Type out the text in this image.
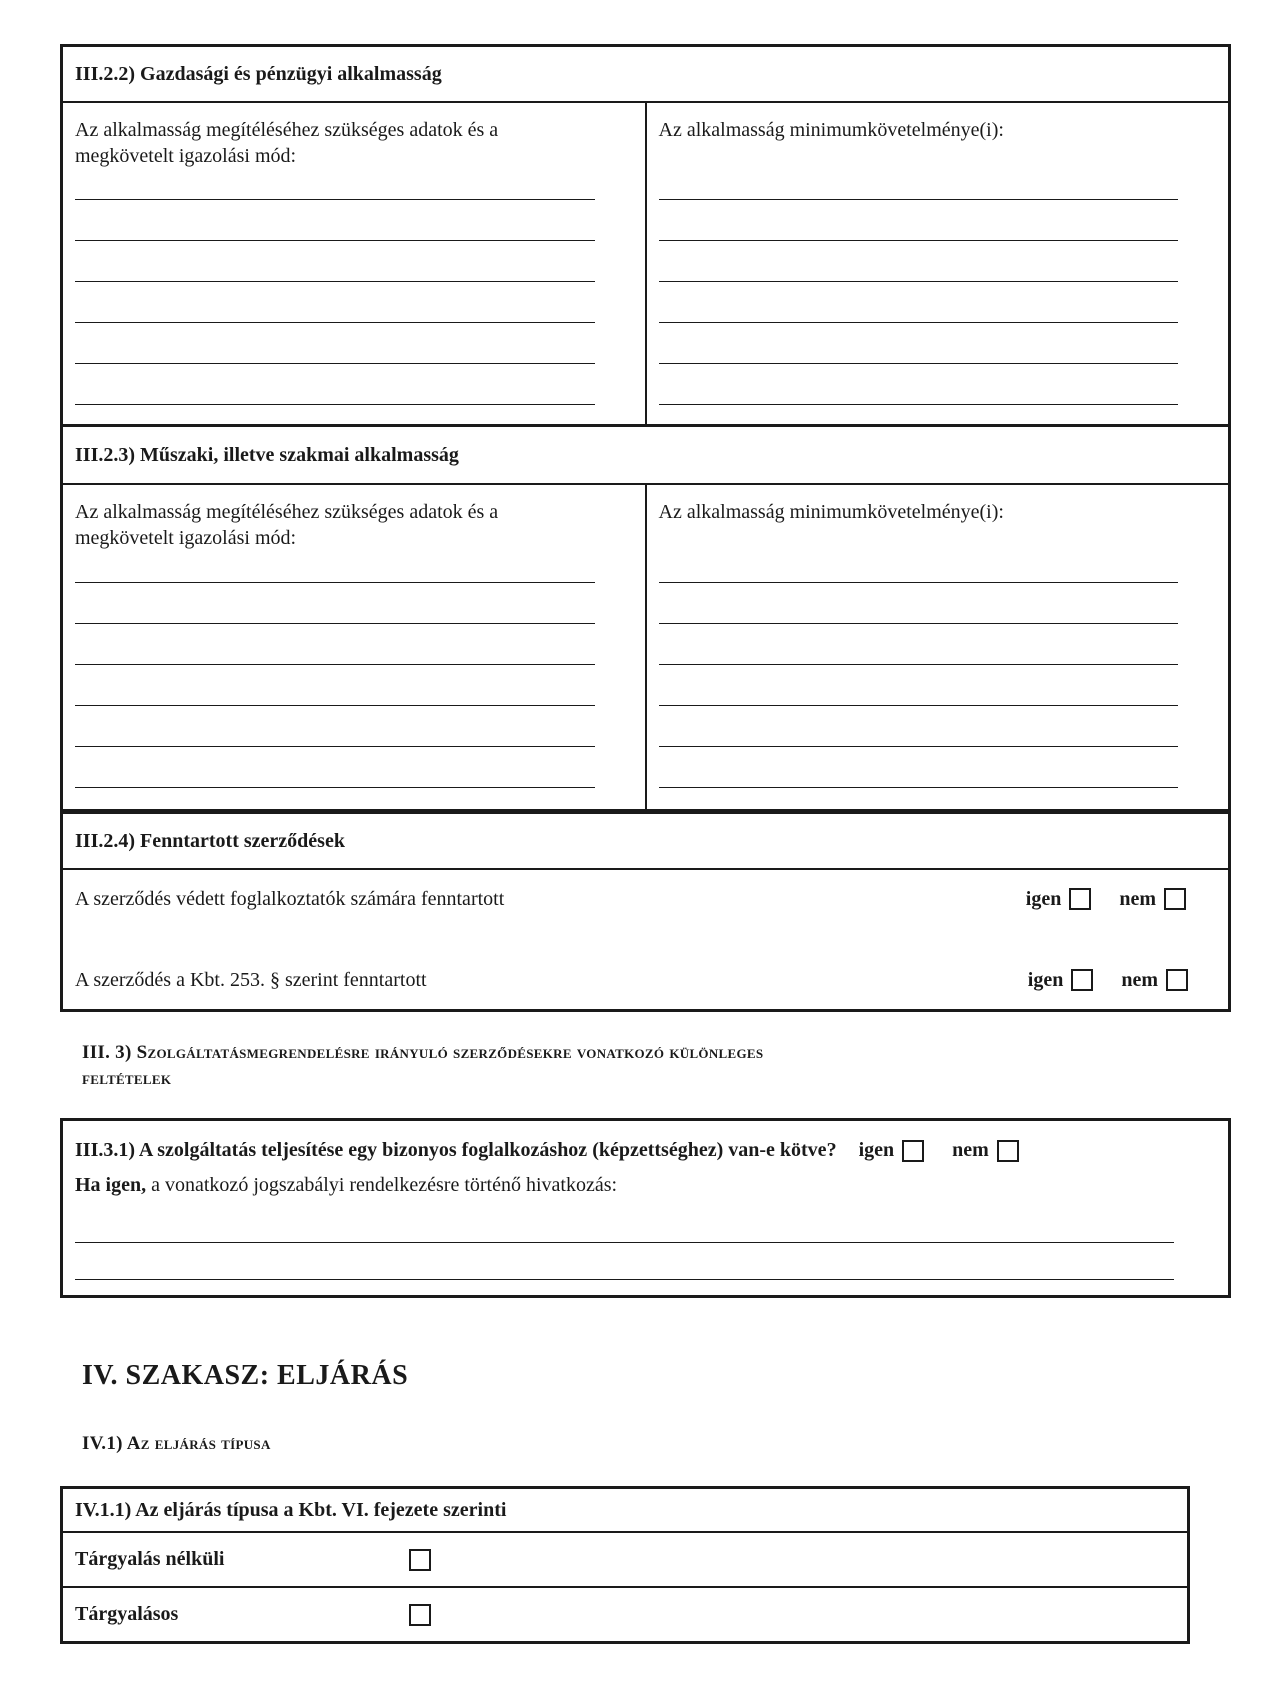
III.2.2) Gazdasági és pénzügyi alkalmasság
Az alkalmasság megítéléséhez szükséges adatok és a megkövetelt igazolási mód:
Az alkalmasság minimumkövetelménye(i):
III.2.3) Műszaki, illetve szakmai alkalmasság
Az alkalmasság megítéléséhez szükséges adatok és a megkövetelt igazolási mód:
Az alkalmasság minimumkövetelménye(i):
III.2.4) Fenntartott szerződések
A szerződés védett foglalkoztatók számára fenntartott	igen	nem
A szerződés a Kbt. 253. § szerint fenntartott	igen	nem
III. 3) Szolgáltatásmegrendelésre irányuló szerződésekre vonatkozó különleges
feltételek
III.3.1) A szolgáltatás teljesítése egy bizonyos foglalkozáshoz (képzettséghez) van-e kötve? igen	nem
Ha igen, a vonatkozó jogszabályi rendelkezésre történő hivatkozás:
IV. SZAKASZ: ELJÁRÁS
IV.1) Az eljárás típusa
IV.1.1) Az eljárás típusa a Kbt. VI. fejezete szerinti
Tárgyalás nélküli
Tárgyalásos
